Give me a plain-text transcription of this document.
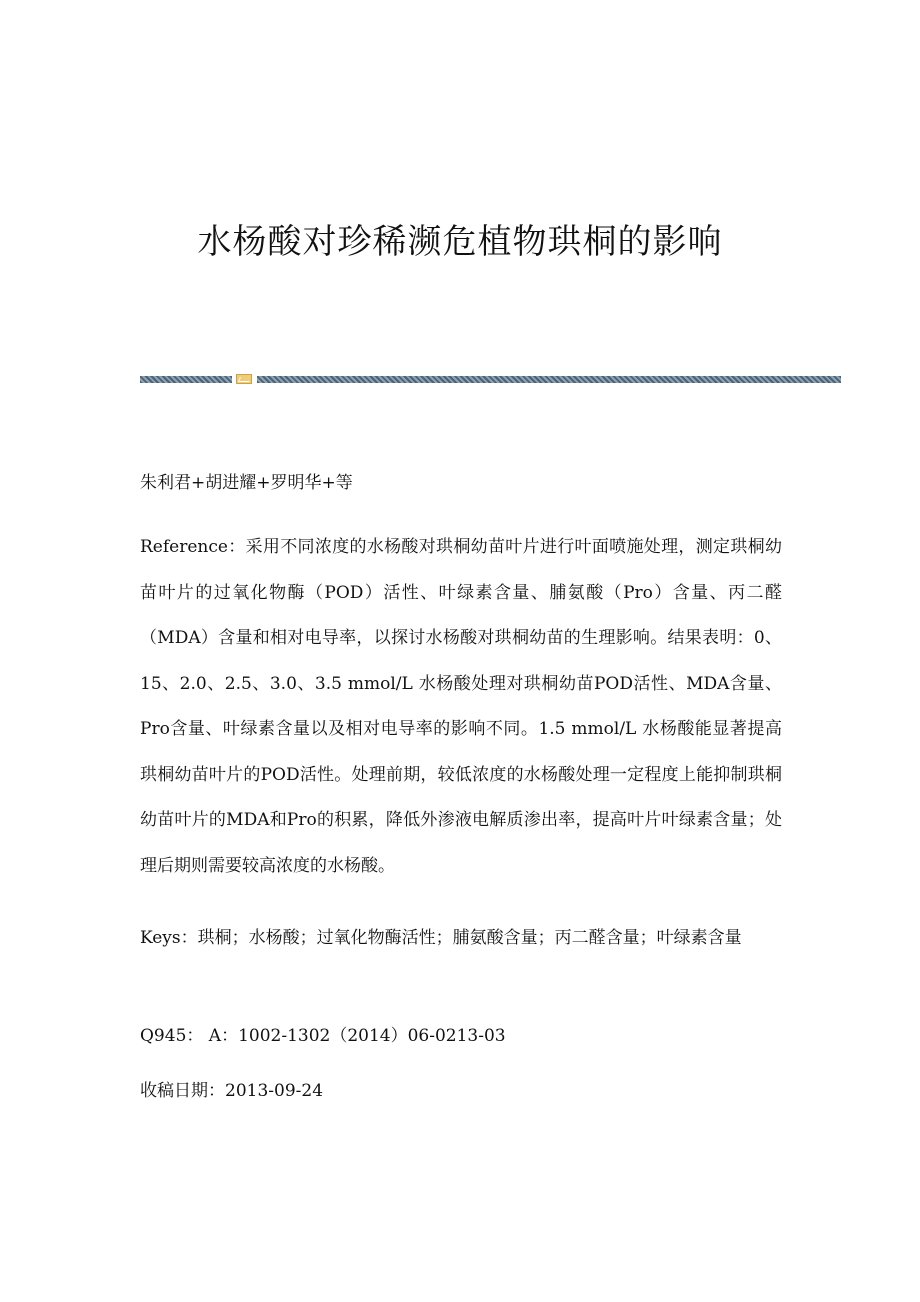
水杨酸对珍稀濒危植物珙桐的影响

朱利君+胡进耀+罗明华+等

Reference：采用不同浓度的水杨酸对珙桐幼苗叶片进行叶面喷施处理，测定珙桐幼苗叶片的过氧化物酶（POD）活性、叶绿素含量、脯氨酸（Pro）含量、丙二醛（MDA）含量和相对电导率，以探讨水杨酸对珙桐幼苗的生理影响。结果表明：0、15、2.0、2.5、3.0、3.5 mmol/L 水杨酸处理对珙桐幼苗POD活性、MDA含量、Pro含量、叶绿素含量以及相对电导率的影响不同。1.5 mmol/L 水杨酸能显著提高珙桐幼苗叶片的POD活性。处理前期，较低浓度的水杨酸处理一定程度上能抑制珙桐幼苗叶片的MDA和Pro的积累，降低外渗液电解质渗出率，提高叶片叶绿素含量；处理后期则需要较高浓度的水杨酸。

Keys：珙桐；水杨酸；过氧化物酶活性；脯氨酸含量；丙二醛含量；叶绿素含量

Q945： A：1002-1302（2014）06-0213-03

收稿日期：2013-09-24
